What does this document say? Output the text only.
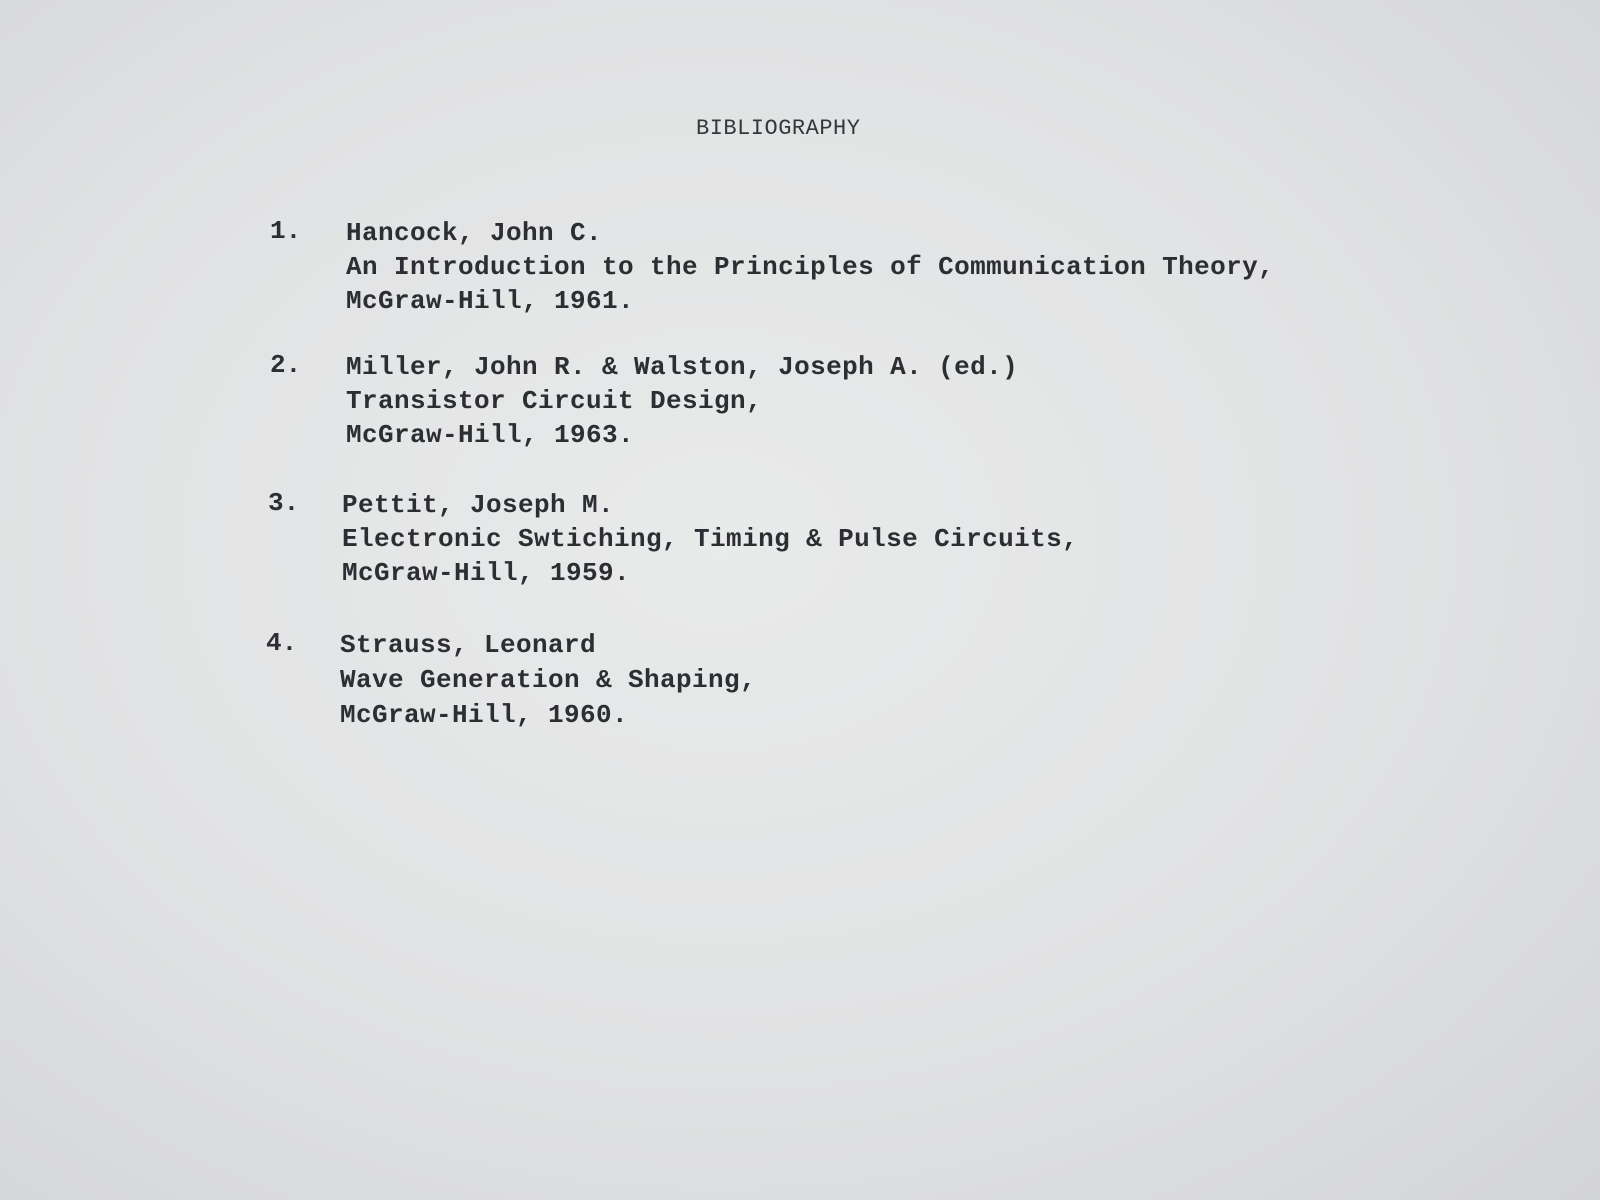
BIBLIOGRAPHY
1. Hancock, John C.
An Introduction to the Principles of Communication Theory,
McGraw-Hill, 1961.
2. Miller, John R. & Walston, Joseph A. (ed.)
Transistor Circuit Design,
McGraw-Hill, 1963.
3. Pettit, Joseph M.
Electronic Swtiching, Timing & Pulse Circuits,
McGraw-Hill, 1959.
4. Strauss, Leonard
Wave Generation & Shaping,
McGraw-Hill, 1960.
